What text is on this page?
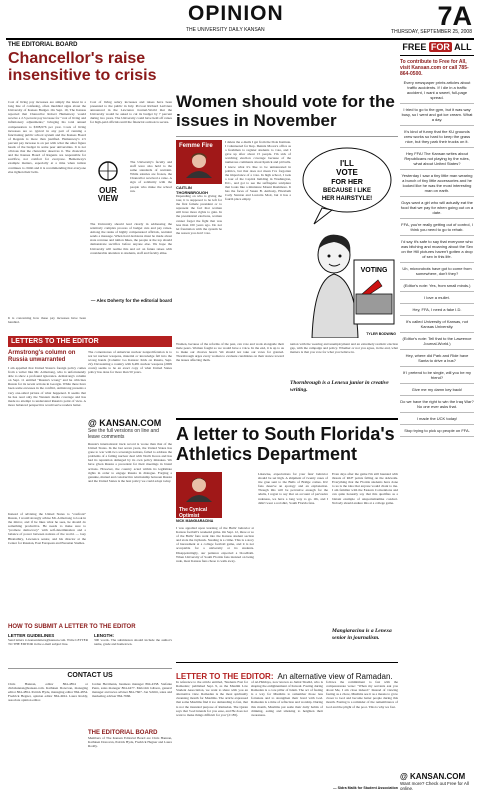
OPINION
THE UNIVERSITY DAILY KANSAN	7A
THURSDAY, SEPTEMBER 25, 2008
THE EDITORIAL BOARD
Chancellor's raise insensitive to crisis
Cost of living pay increases are simply the latest in a long line of confusing, often muddled signs about the University of Kansas Budget. On Sept. 19, The Kansas reported that Chancellor Robert Hemenway would receive a 2.5 percent pay increase for "cost of living and inflationary adjustments," bringing his total annual compensation to $308,976 per year. Costs of living increases are so typical in any part of running a functioning public school system and the Kansas Board of Regents is more than justified. Hemenway's 2.5 percent pay increase is on par with what the other figure heads of the budget in some peer universities. It is not obvious that the chancellor deserves it. The chancellor and the Kansas Board of Regents are responsible for sacrifice, not comfort for everyone. Hemenway's example matters, especially at a time when tuition continues to climb and it is recommending that everyone else tighten their belts.
Cost of living salary increases and raises have been presented to the public in July. Provost Richard Lariviere announced in the Lawrence Journal-World that the University would be asked to cut its budget by 7 percent during two years. The University could have held off raises for high-paid officials until the financial outlook is secure.
OUR VIEW
The University's faculty and staff were also held to the same standards of restraint. While salaries are frozen, the Chancellor received a raise. A sign of solidarity with the people who make the school run.
The University should lead clearly in addressing the relatively complex process of budget cuts and pay raises. Among the ranks of highly compensated officials, restraint sends a message. When hard decisions must be made about state revenue and tuition hikes, the people at the top should demonstrate sacrifice before anyone else. We hope the University will realize this and act on future raises with considerable attention to students, staff and faculty alike.
— Alex Doherty for the editorial board
It is concerning how these pay increases have been handled.
LETTERS TO THE EDITOR
Armstrong's column on Russia unwarranted
I am appalled that United States's foreign policy comes from a writer like Mr. Armstrong, who is unfortunately able to show a profound ignorance. Armstrong's column on Sept. 11 entitled "Russia's wrong" and he criticizes Russia for its recent actions in Georgia. While there have been some excesses in the conflict, Armstrong presents a very one-sided picture of what happened. It seems that he has read only the Western media coverage and has made no attempt to understand Russia's point of view. A more balanced perspective would serve readers better.
Instead of advising the United States to "confront" Russia, I would strongly advise Mr. Armstrong to look in the mirror, and if he likes what he sees, he should do something productive. He needs to make sure to "promote democracy" with self-determination and a balance of power between nations of the world. — Guy Bhattathiry, Lawrence senior, and his director at the Center for Russian, East European and Eurasian Studies.
The cornerstones of American nuclear nonproliferation is to not let nuclear weapons, material or knowledge fall into the wrong hands (Column: Go Kansas: Kick on Russia, Sept. 22). Devastating a country with 6,481 nuclear weapons (2009 count) seems to be an exact copy of what United States policy has done for more than 50 years.
@ KANSAN.COM
See the full versions on line and leave comments
Russia's international track record is worse than that of the United States. In the last seven years, the United States has gone to war with two sovereign nations, failed to address the problems of a failing nuclear deal with North Korea and has had its reputation damaged by its own policy mistakes. We have given Russia a precedent for their meetings in brutal actions. However, the country acted within its legitimate rights in order to engage Russia in dialogue. Forging a genuine, mutual and constructive relationship between Russia and the United States is the best policy we could adopt today.
HOW TO SUBMIT A LETTER TO THE EDITOR
LETTER GUIDELINES
Send letters to kansanletters@kansan.com. Write LETTER TO THE EDITOR in the e-mail subject line.
LENGTH:
300 words. The submission should include the author's name, grade and hometown.
CONTACT US
Chris Hannan, editor 864-4854 or chrishannan@kansan.com. Kathleen Donovan, managing editor 864-4854. Patrick Hyde, managing editor 864-4854. Fredrick Hegner, opinion editor 864-4924. Laura Roddy, associate opinion editor.
Jordan Herrmann, business manager 864-4358. Stefanie Penn, sales manager 864-4477. Malcolm Gibson, general manager and news adviser 864-7667. Jon Schlitt, sales and marketing adviser 864-7666.
THE EDITORIAL BOARD
Members of The Kansan Editorial Board are Chris Hannan, Kathleen Donovan, Patrick Hyde, Fredrick Hegner and Laura Roddy.
Women should vote for the issues in November
Femme Fire
CAITLIN THORNBROUGH
I delete the e-mails I get from the Dole Institute. I volunteered for Rep. Dennis Moore's office as a freshman to register students to vote, and I gave up after about 15 people. I'm sick of watching election coverage because of the numerous comments about lipstick and pit bulls. I know what it's like to be uninterested in politics, but that does not mean I've forgotten the importance of a vote. In high school, I took a tour of the Capitol building in Washington, D.C., and got to see the suffragette sculpture that looks like a miniature Mount Rushmore. It has the faces of Susan B. Anthony, Elizabeth Cady Stanton and Lucretia Mott, but it has a fourth place empty.
Depending on who is giving the tour, it is supposed to be left for the first female president or to represent the fact that women still have more rights to gain. In the presidential elections, women cannot forget the fight that was less than 100 years ago. Do not let frustration with the system be the reason you don't vote.
I'LL
VOTE
FOR HER
BECAUSE I LIKE
HER HAIRSTYLE!
VOTING
TYLER BODWING
Women, because of the reforms of the past, can vote and work alongside their male peers. Women fought so we would have a voice. In the end, it is up to us to make our choices heard. We should not take our votes for granted. Thornbrough urges every woman to evaluate candidates on their stance toward the issues affecting them.
nation with the wearing and unemployment and an extremely realistic election gap, with the campaign and policy. Whether or not you agree, in the end, what matters is that you vote for what you believe in.
Thornbrough is a Lenexa junior in creative writing.
A letter to South Florida's Athletics Department
The Cynical Optimist
NICK MANGIARACINA
I was appalled upon learning of the Bulls' behavior at Kansas football's weekend game. On Sept. 12, three or so of the Bulls' fans went into the Kansas student section and stole the Jayhawk. Stealing is a crime. This is a story of harassment at a college football game, and it is not acceptable for a university or its students. Disappointingly, our patience expected a bloodbath. When University of South Florida fans insisted on being rude, most Kansas fans chose to walk away.
Likewise, expectations for your fans' behavior should be set high. A shipment of twenty cases of tire grue sent to the Bulls of Bridge comes. KU fans deserve an apology and an explanation. Though this will be pervasive enough for the adults, I regret to say that on account of pervasive rudeness, we have a long way to go. Oh, and I didn't wear a red shirt, South Florida fans.
Even days after the game I'm still haunted with threats of RUF points falling on the sidewalk. Everything that the Florida students have done to us is the idea that anyone would chant to me. I am familiar with the Eastern Conventions and can quite honestly say that this qualifies as a blatant example of unsportsmanlike conduct. Nobody should endure this at a college game.
Mangiaracina is a Lenexa senior in journalism.
LETTER TO THE EDITOR: An alternative view of Ramadan.
In reference to the article entitled, 'Students Fast for Ramadan,' published Sept. 9, as the Muslim Law Student Association, we want to share with you an alternative view. Ramadan is the most spiritually cleansing month for Muslims. The article expressed that some Muslims find it too demanding to fast, that is not the intended purpose of Ramadan. The Quran says that 'God intends for you ease, and He does not want to make things difficult for you' (2:185).
of Al-Hiddaya, now known as Jamal Shadid, who is shaping the enlightenment of Kuwait. Fasting during Ramadan is a core pillar of Islam. The act of fasting is a way for Muslims to remember those less fortunate and to strengthen their bond with God. Ramadan is a time of reflection and worship. During this month, Muslims put aside their daily habits of drinking, eating and smoking to heighten their awareness.
follows the commitment to fast with the compassionate verse: "When my servants ask you about Me, I am close indeed." Instead of viewing fasting as a chore, Muslims see it as a means to grow closer to God and become better people during this month. Fasting is a reminder of the remembrance of God and the plight of the poor. This is why we fast.
— Sidra Malik for Student Association
FREE FOR ALL
To contribute to Free for All, visit Kansan.com or call 785-864-0500.
Every newspaper prints articles about traffic accidents. If I die in a traffic accident, I want a sweet, full-page spread.
I tried to go to the gym, but it was way busy, so I went and got ice cream. What a day.
It's kind of funny that the KU grounds crew works so hard to keep the grass nice, but they park their trucks on it.
Hey FFA! The Kansan writes about Republicans not playing by the rules, what about United States?
Yesterday I saw a tiny little man wearing a bunch of tiny little accessories and he looked like he was the most interesting man on earth.
Guys want a girl who will actually eat the food that we pay for when going out on a date.
FFA, you're really getting out of control, I think you need to go to rehab.
I'd say it's safe to say that everyone who was bitching and moaning about the Sex on the Hill pictures haven't gotten a drop of sex in this life.
Uh, microrobots have got to come from somewhere, don't they?
(Editor's note: Yes, from small minds.)
I love a mullet.
Hey, FFA, I need a fake I.D.
It's called University of Kansas, not Kansas University.
(Editor's note: Tell that to the Lawrence Journal-World.)
Hey, where did Park and Ride have Santa to drive a bus?
If I pretend to be single, will you be my friend?
Give me my damn key back!
Do we have the right to win the Iraq War? No one ever asks that.
I made the UCK today!
Stop trying to pick up people on FFA.
@ KANSAN.COM
Want more? Check out Free for All online.
